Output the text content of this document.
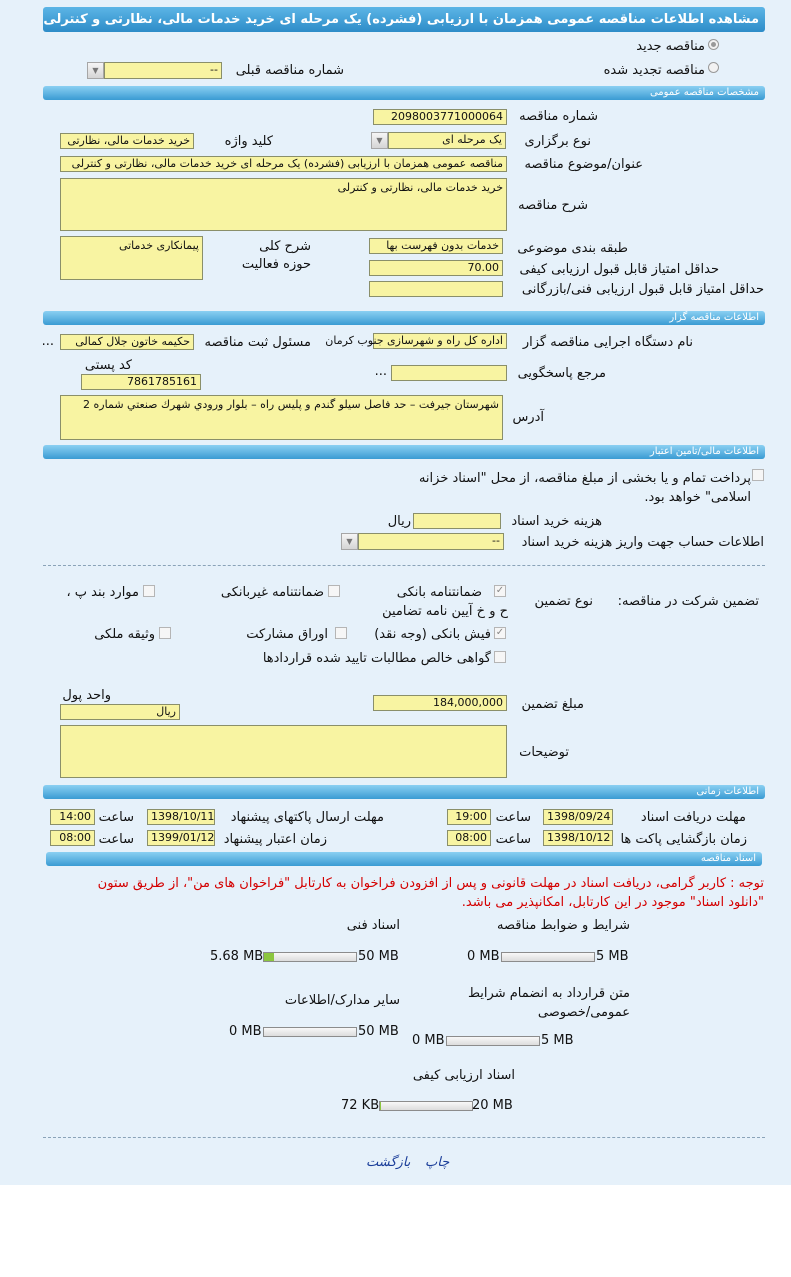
مشاهده اطلاعات مناقصه عمومی همزمان با ارزیابی (فشرده) یک مرحله ای خرید خدمات مالی، نظارتی و کنترلی
مناقصه جدید
مناقصه تجدید شده
شماره مناقصه قبلی
--
▼
مشخصات مناقصه عمومی
شماره مناقصه
2098003771000064
نوع برگزاری
یک مرحله ای
▼
کلید واژه
خرید خدمات مالی، نظارتی
عنوان/موضوع مناقصه
مناقصه عمومی همزمان با ارزیابی (فشرده) یک مرحله ای خرید خدمات مالی، نظارتی و کنترلی
شرح مناقصه
خرید خدمات مالی، نظارتی و کنترلی
طبقه بندی موضوعی
خدمات بدون فهرست بها
شرح کلی حوزه فعالیت
پیمانکاری خدماتی
حداقل امتیاز قابل قبول ارزیابی کیفی
70.00
حداقل امتیاز قابل قبول ارزیابی فنی/بازرگانی
اطلاعات مناقصه گزار
نام دستگاه اجرایی مناقصه گزار
اداره کل راه و شهرسازی جنوب کرمان
مسئول ثبت مناقصه
حکیمه خاتون جلال کمالی
...
مرجع پاسخگویی
...
کد پستی
7861785161
آدرس
شهرستان جیرفت – حد فاصل سیلو گندم و پلیس راه – بلوار ورودي شهرك صنعتي شماره 2
اطلاعات مالی/تامین اعتبار
پرداخت تمام و یا بخشی از مبلغ مناقصه، از محل "اسناد خزانه اسلامی" خواهد بود.
هزینه خرید اسناد
ریال
اطلاعات حساب جهت واریز هزینه خرید اسناد
--
▼
تضمین شرکت در مناقصه:
نوع تضمین
✓
ضمانتنامه بانکی
ضمانتنامه غیربانکی
موارد بند پ ،
ح و خ آیین نامه تضامین
✓
فیش بانکی (وجه نقد)
اوراق مشارکت
وثیقه ملکی
گواهی خالص مطالبات تایید شده قراردادها
مبلغ تضمین
184,000,000
واحد پول
ریال
توضیحات
اطلاعات زمانی
مهلت دریافت اسناد
1398/09/24
ساعت
19:00
مهلت ارسال پاکتهای پیشنهاد
1398/10/11
ساعت
14:00
زمان بازگشایی پاکت ها
1398/10/12
ساعت
08:00
زمان اعتبار پیشنهاد
1399/01/12
ساعت
08:00
اسناد مناقصه
توجه : کاربر گرامی، دریافت اسناد در مهلت قانونی و پس از افزودن فراخوان به کارتابل "فراخوان های من"، از طریق ستون "دانلود اسناد" موجود در این کارتابل، امکانپذیر می باشد.
شرایط و ضوابط مناقصه
0 MB	5 MB
اسناد فنی
5.68 MB	50 MB
متن قرارداد به انضمام شرایط عمومی/خصوصی
0 MB	5 MB
سایر مدارک/اطلاعات
0 MB	50 MB
اسناد ارزیابی کیفی
72 KB	20 MB
چاپ
بازگشت
